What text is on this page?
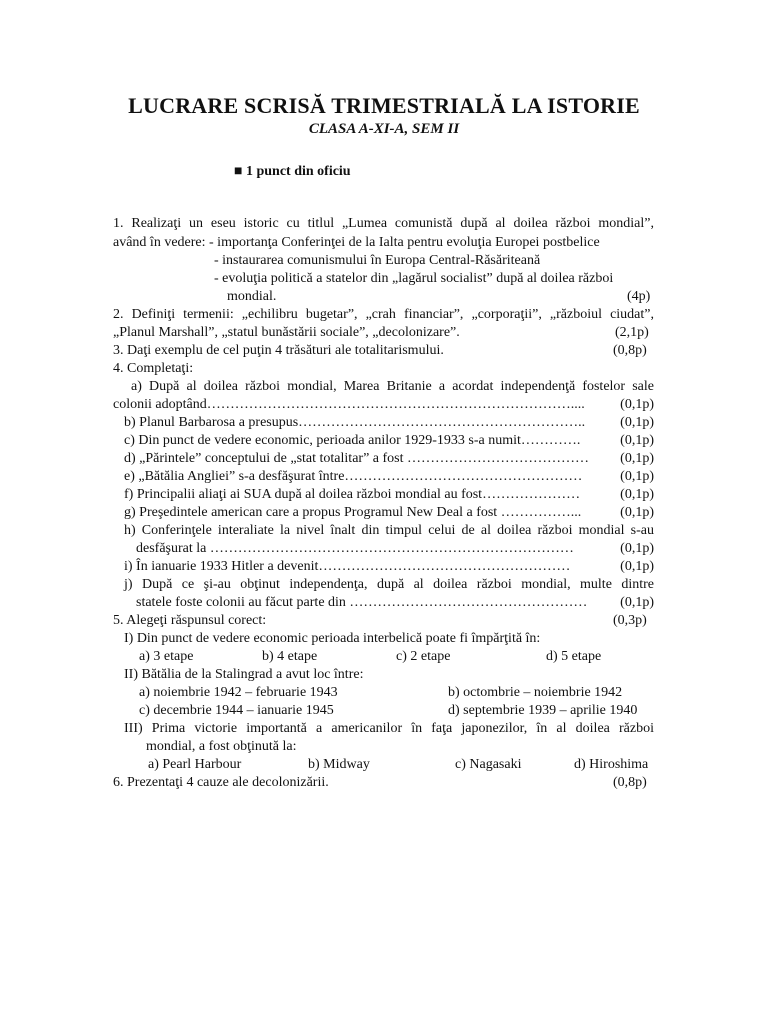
LUCRARE SCRISĂ TRIMESTRIALĂ LA ISTORIE
CLASA A-XI-A, SEM II
■ 1 punct din oficiu
1. Realizaţi un eseu istoric cu titlul „Lumea comunistă după al doilea război mondial”,
având în vedere: - importanţa Conferinţei de la Ialta pentru evoluţia Europei postbelice
- instaurarea comunismului în Europa Central-Răsăriteană
- evoluţia politică a statelor din „lagărul socialist” după al doilea război
mondial.	(4p)
2. Definiţi termenii: „echilibru bugetar”, „crah financiar”, „corporaţii”, „războiul ciudat”,
„Planul Marshall”, „statul bunăstării sociale”, „decolonizare”.	(2,1p)
3. Daţi exemplu de cel puţin 4 trăsături ale totalitarismului.	(0,8p)
4. Completaţi:
a) După al doilea război mondial, Marea Britanie a acordat independenţă fostelor sale
colonii adoptând……………………………………………………………………....	(0,1p)
b) Planul Barbarosa a presupus……………………………………………………..	(0,1p)
c) Din punct de vedere economic, perioada anilor 1929-1933 s-a numit………….	(0,1p)
d) „Părintele” conceptului de „stat totalitar” a fost …………………………………	(0,1p)
e) „Bătălia Angliei” s-a desfăşurat între……………………………………………	(0,1p)
f) Principalii aliaţi ai SUA după al doilea război mondial au fost…………………	(0,1p)
g) Preşedintele american care a propus Programul New Deal a fost ……………...	(0,1p)
h) Conferinţele interaliate la nivel înalt din timpul celui de al doilea război mondial s-au
desfăşurat la ……………………………………………………………………	(0,1p)
i) În ianuarie 1933 Hitler a devenit………………………………………………	(0,1p)
j) După ce şi-au obţinut independenţa, după al doilea război mondial, multe dintre
statele foste colonii au făcut parte din ……………………………………………	(0,1p)
5. Alegeţi răspunsul corect:	(0,3p)
I) Din punct de vedere economic perioada interbelică poate fi împărţită în:
a) 3 etape	b) 4 etape	c) 2 etape	d) 5 etape
II) Bătălia de la Stalingrad a avut loc între:
a) noiembrie 1942 – februarie 1943	b) octombrie – noiembrie 1942
c) decembrie 1944 – ianuarie 1945	d) septembrie 1939 – aprilie 1940
III) Prima victorie importantă a americanilor în faţa japonezilor, în al doilea război
mondial, a fost obţinută la:
a) Pearl Harbour	b) Midway	c) Nagasaki	d) Hiroshima
6. Prezentaţi 4 cauze ale decolonizării.	(0,8p)
